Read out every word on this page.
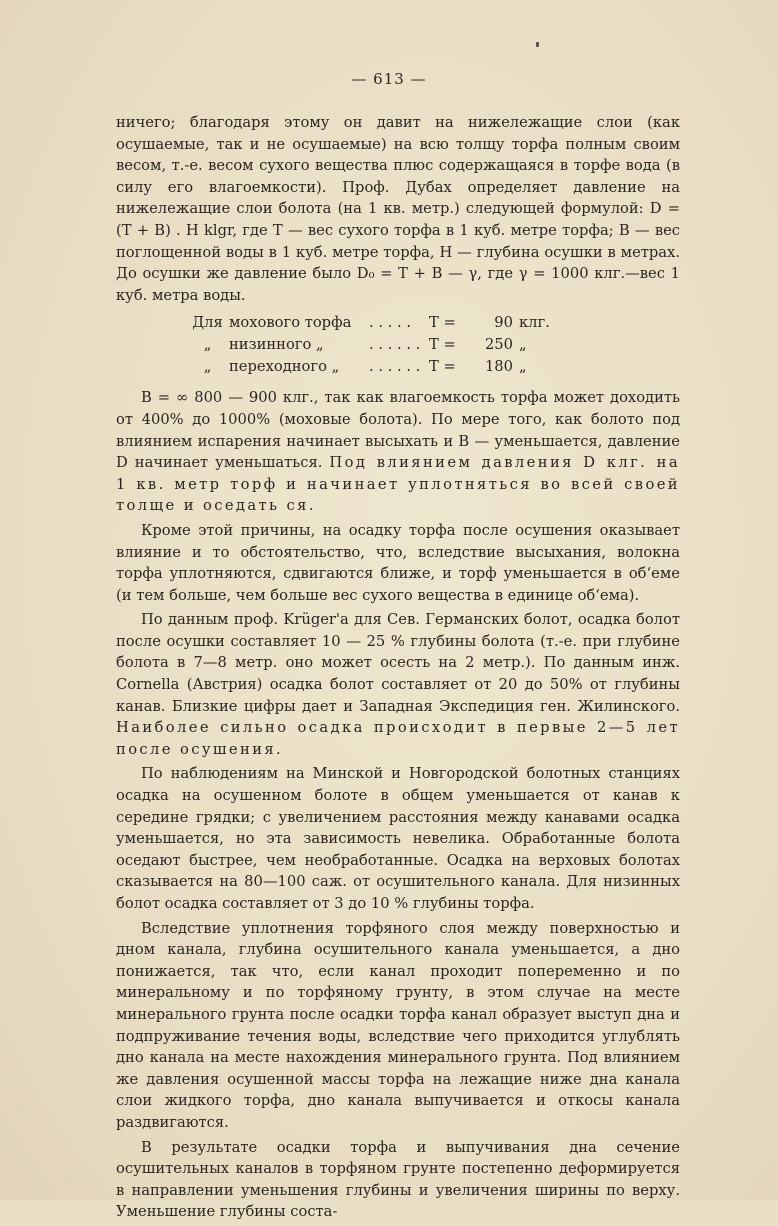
— 613 —

ничего; благодаря этому он давит на нижележащие слои (как осушаемые, так и не осушаемые) на всю толщу торфа полным своим весом, т.-е. весом сухого вещества плюс содержащаяся в торфе вода (в силу его влагоемкости). Проф. Дубах определяет давление на нижележащие слои болота (на 1 кв. метр.) следующей формулой: D = (T + B) . H klgr, где T — вес сухого торфа в 1 куб. метре торфа; B — вес поглощенной воды в 1 куб. метре торфа, H — глубина осушки в метрах. До осушки же давление было D₀ = T + B — γ, где γ = 1000 клг.—вес 1 куб. метра воды.

Для мохового торфа	. . . . .	T =	90 клг.
„	низинного „	. . . . . . T =	250 „
„	переходного „	. . . . . . T =	180 „

B = ∞ 800 — 900 клг., так как влагоемкость торфа может доходить от 400% до 1000% (моховые болота). По мере того, как болото под влиянием испарения начинает высыхать и B — уменьшается, давление D начинает уменьшаться. Под влиянием давления D клг. на 1 кв. метр торф и начинает уплотняться во всей своей толще и оседать ся.

Кроме этой причины, на осадку торфа после осушения оказывает влияние и то обстоятельство, что, вследствие высыхания, волокна торфа уплотняются, сдвигаются ближе, и торф уменьшается в об‘еме (и тем больше, чем больше вес сухого вещества в единице об‘ема).

По данным проф. Krüger'a для Сев. Германских болот, осадка болот после осушки составляет 10 — 25 % глубины болота (т.-е. при глубине болота в 7—8 метр. оно может осесть на 2 метр.). По данным инж. Cornella (Австрия) осадка болот составляет от 20 до 50% от глубины канав. Близкие цифры дает и Западная Экспедиция ген. Жилинского. Наиболее сильно осадка происходит в первые 2—5 лет после осушения.

По наблюдениям на Минской и Новгородской болотных станциях осадка на осушенном болоте в общем уменьшается от канав к середине грядки; с увеличением расстояния между канавами осадка уменьшается, но эта зависимость невелика. Обработанные болота оседают быстрее, чем необработанные. Осадка на верховых болотах сказывается на 80—100 саж. от осушительного канала. Для низинных болот осадка составляет от 3 до 10 % глубины торфа.

Вследствие уплотнения торфяного слоя между поверхностью и дном канала, глубина осушительного канала уменьшается, а дно понижается, так что, если канал проходит попеременно и по минеральному и по торфяному грунту, в этом случае на месте минерального грунта после осадки торфа канал образует выступ дна и подпруживание течения воды, вследствие чего приходится углублять дно канала на месте нахождения минерального грунта. Под влиянием же давления осушенной массы торфа на лежащие ниже дна канала слои жидкого торфа, дно канала выпучивается и откосы канала раздвигаются.

В результате осадки торфа и выпучивания дна сечение осушительных каналов в торфяном грунте постепенно деформируется в направлении уменьшения глубины и увеличения ширины по верху. Уменьшение глубины соста-
